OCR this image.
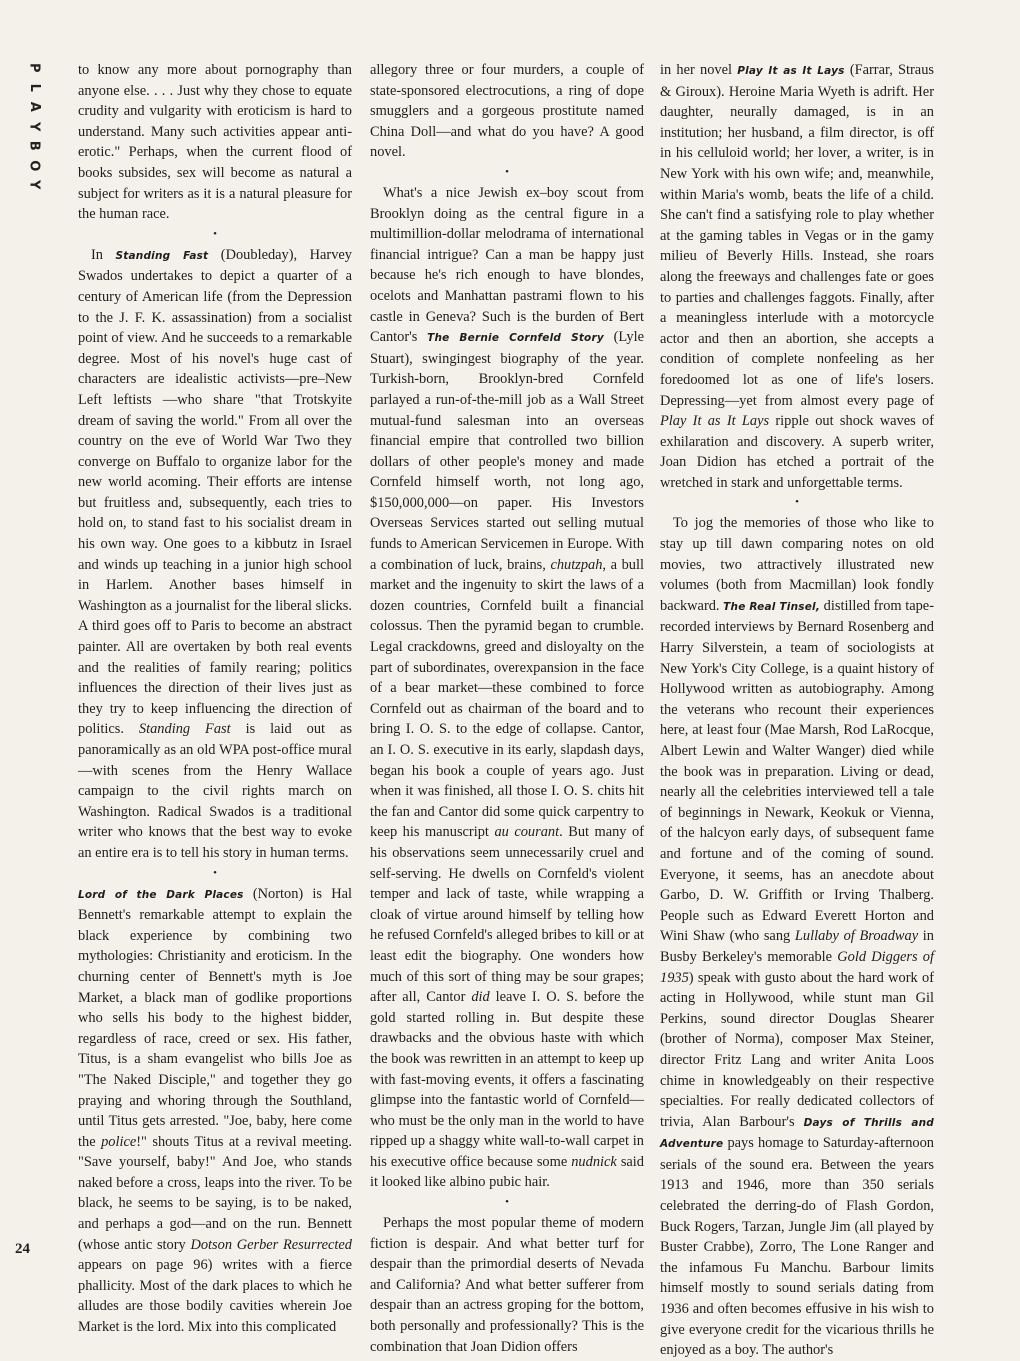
P
L
A
Y
B
O
Y
24

to know any more about pornography than anyone else. . . . Just why they chose to equate crudity and vulgarity with eroticism is hard to understand. Many such activities appear anti-erotic." Perhaps, when the current flood of books subsides, sex will become as natural a subject for writers as it is a natural pleasure for the human race.

•

In Standing Fast (Doubleday), Harvey Swados undertakes to depict a quarter of a century of American life (from the Depression to the J. F. K. assassination) from a socialist point of view. And he succeeds to a remarkable degree. Most of his novel's huge cast of characters are idealistic activists—pre–New Left leftists —who share "that Trotskyite dream of saving the world." From all over the country on the eve of World War Two they converge on Buffalo to organize labor for the new world acoming. Their efforts are intense but fruitless and, subsequently, each tries to hold on, to stand fast to his socialist dream in his own way. One goes to a kibbutz in Israel and winds up teaching in a junior high school in Harlem. Another bases himself in Washington as a journalist for the liberal slicks. A third goes off to Paris to become an abstract painter. All are overtaken by both real events and the realities of family rearing; politics influences the direction of their lives just as they try to keep influencing the direction of politics. Standing Fast is laid out as panoramically as an old WPA post-office mural—with scenes from the Henry Wallace campaign to the civil rights march on Washington. Radical Swados is a traditional writer who knows that the best way to evoke an entire era is to tell his story in human terms.

•

Lord of the Dark Places (Norton) is Hal Bennett's remarkable attempt to explain the black experience by combining two mythologies: Christianity and eroticism. In the churning center of Bennett's myth is Joe Market, a black man of godlike proportions who sells his body to the highest bidder, regardless of race, creed or sex. His father, Titus, is a sham evangelist who bills Joe as "The Naked Disciple," and together they go praying and whoring through the Southland, until Titus gets arrested. "Joe, baby, here come the police!" shouts Titus at a revival meeting. "Save yourself, baby!" And Joe, who stands naked before a cross, leaps into the river. To be black, he seems to be saying, is to be naked, and perhaps a god—and on the run. Bennett (whose antic story Dotson Gerber Resurrected appears on page 96) writes with a fierce phallicity. Most of the dark places to which he alludes are those bodily cavities wherein Joe Market is the lord. Mix into this complicated

allegory three or four murders, a couple of state-sponsored electrocutions, a ring of dope smugglers and a gorgeous prostitute named China Doll—and what do you have? A good novel.

•

What's a nice Jewish ex–boy scout from Brooklyn doing as the central figure in a multimillion-dollar melodrama of international financial intrigue? Can a man be happy just because he's rich enough to have blondes, ocelots and Manhattan pastrami flown to his castle in Geneva? Such is the burden of Bert Cantor's The Bernie Cornfeld Story (Lyle Stuart), swingingest biography of the year. Turkish-born, Brooklyn-bred Cornfeld parlayed a run-of-the-mill job as a Wall Street mutual-fund salesman into an overseas financial empire that controlled two billion dollars of other people's money and made Cornfeld himself worth, not long ago, $150,000,000—on paper. His Investors Overseas Services started out selling mutual funds to American Servicemen in Europe. With a combination of luck, brains, chutzpah, a bull market and the ingenuity to skirt the laws of a dozen countries, Cornfeld built a financial colossus. Then the pyramid began to crumble. Legal crackdowns, greed and disloyalty on the part of subordinates, overexpansion in the face of a bear market—these combined to force Cornfeld out as chairman of the board and to bring I. O. S. to the edge of collapse. Cantor, an I. O. S. executive in its early, slapdash days, began his book a couple of years ago. Just when it was finished, all those I. O. S. chits hit the fan and Cantor did some quick carpentry to keep his manuscript au courant. But many of his observations seem unnecessarily cruel and self-serving. He dwells on Cornfeld's violent temper and lack of taste, while wrapping a cloak of virtue around himself by telling how he refused Cornfeld's alleged bribes to kill or at least edit the biography. One wonders how much of this sort of thing may be sour grapes; after all, Cantor did leave I. O. S. before the gold started rolling in. But despite these drawbacks and the obvious haste with which the book was rewritten in an attempt to keep up with fast-moving events, it offers a fascinating glimpse into the fantastic world of Cornfeld—who must be the only man in the world to have ripped up a shaggy white wall-to-wall carpet in his executive office because some nudnick said it looked like albino pubic hair.

•

Perhaps the most popular theme of modern fiction is despair. And what better turf for despair than the primordial deserts of Nevada and California? And what better sufferer from despair than an actress groping for the bottom, both personally and professionally? This is the combination that Joan Didion offers

in her novel Play It as It Lays (Farrar, Straus & Giroux). Heroine Maria Wyeth is adrift. Her daughter, neurally damaged, is in an institution; her husband, a film director, is off in his celluloid world; her lover, a writer, is in New York with his own wife; and, meanwhile, within Maria's womb, beats the life of a child. She can't find a satisfying role to play whether at the gaming tables in Vegas or in the gamy milieu of Beverly Hills. Instead, she roars along the freeways and challenges fate or goes to parties and challenges faggots. Finally, after a meaningless interlude with a motorcycle actor and then an abortion, she accepts a condition of complete nonfeeling as her foredoomed lot as one of life's losers. Depressing—yet from almost every page of Play It as It Lays ripple out shock waves of exhilaration and discovery. A superb writer, Joan Didion has etched a portrait of the wretched in stark and unforgettable terms.

•

To jog the memories of those who like to stay up till dawn comparing notes on old movies, two attractively illustrated new volumes (both from Macmillan) look fondly backward. The Real Tinsel, distilled from tape-recorded interviews by Bernard Rosenberg and Harry Silverstein, a team of sociologists at New York's City College, is a quaint history of Hollywood written as autobiography. Among the veterans who recount their experiences here, at least four (Mae Marsh, Rod LaRocque, Albert Lewin and Walter Wanger) died while the book was in preparation. Living or dead, nearly all the celebrities interviewed tell a tale of beginnings in Newark, Keokuk or Vienna, of the halcyon early days, of subsequent fame and fortune and of the coming of sound. Everyone, it seems, has an anecdote about Garbo, D. W. Griffith or Irving Thalberg. People such as Edward Everett Horton and Wini Shaw (who sang Lullaby of Broadway in Busby Berkeley's memorable Gold Diggers of 1935) speak with gusto about the hard work of acting in Hollywood, while stunt man Gil Perkins, sound director Douglas Shearer (brother of Norma), composer Max Steiner, director Fritz Lang and writer Anita Loos chime in knowledgeably on their respective specialties. For really dedicated collectors of trivia, Alan Barbour's Days of Thrills and Adventure pays homage to Saturday-afternoon serials of the sound era. Between the years 1913 and 1946, more than 350 serials celebrated the derring-do of Flash Gordon, Buck Rogers, Tarzan, Jungle Jim (all played by Buster Crabbe), Zorro, The Lone Ranger and the infamous Fu Manchu. Barbour limits himself mostly to sound serials dating from 1936 and often becomes effusive in his wish to give everyone credit for the vicarious thrills he enjoyed as a boy. The author's
